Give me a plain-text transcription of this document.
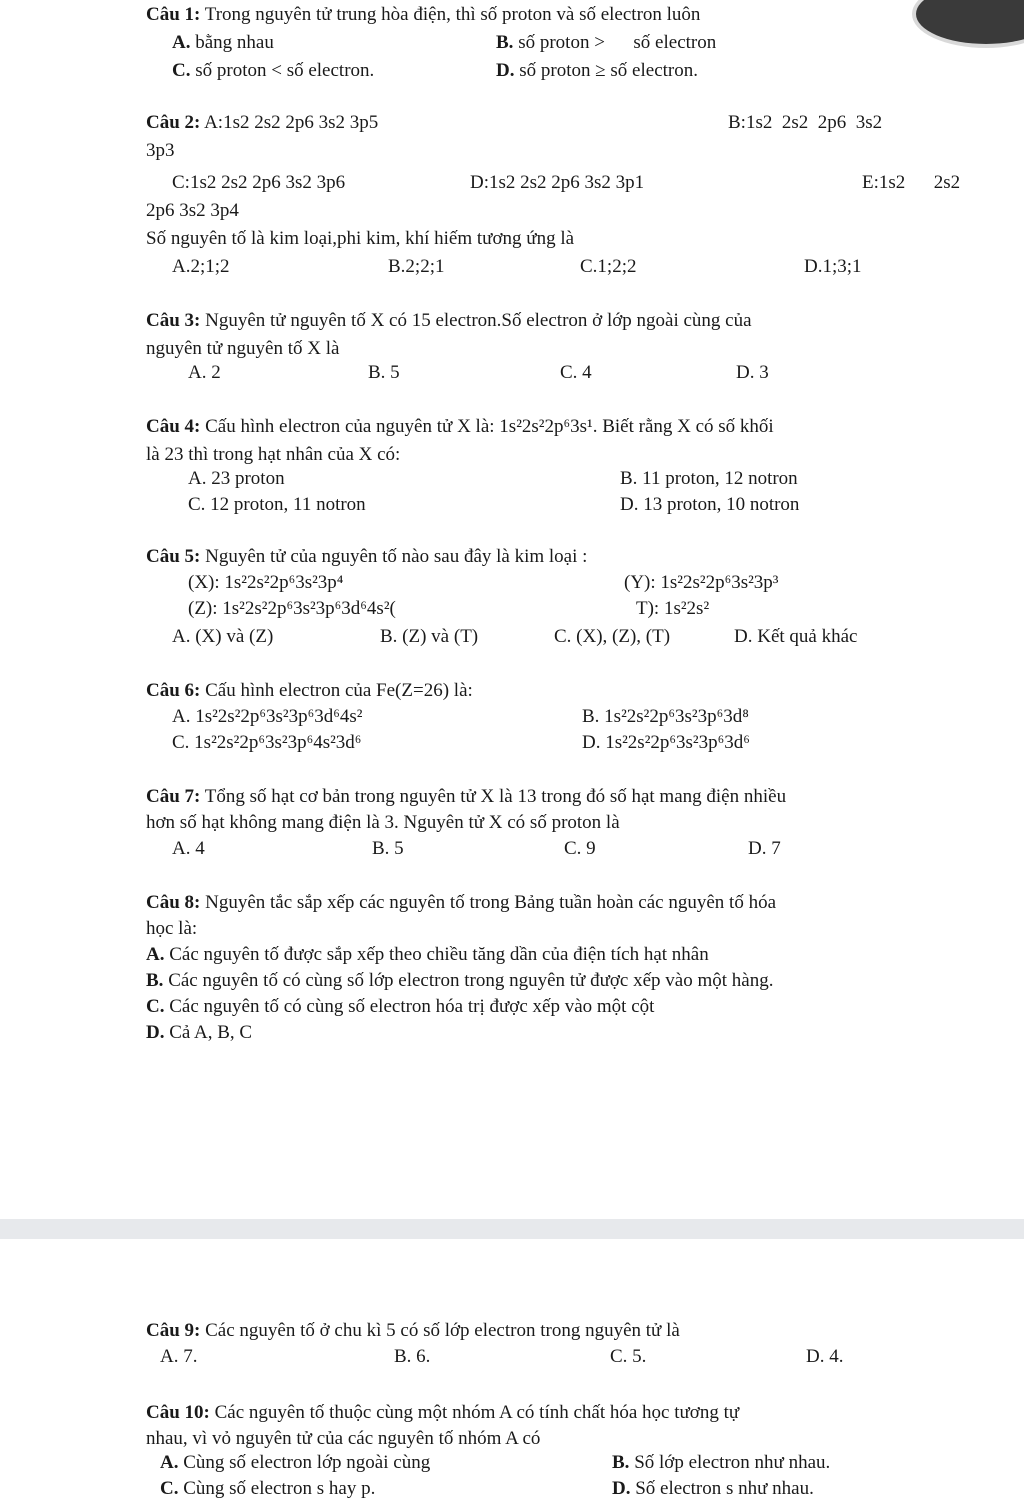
Câu 1: Trong nguyên tử trung hòa điện, thì số proton và số electron luôn
A. bằng nhau	B. số proton >      số electron
C. số proton < số electron.	D. số proton ≥ số electron.
Câu 2: A:1s2 2s2 2p6 3s2 3p5	B:1s2  2s2  2p6  3s2
3p3
C:1s2 2s2 2p6 3s2 3p6	D:1s2 2s2 2p6 3s2 3p1	E:1s2      2s2
2p6 3s2 3p4
Số nguyên tố là kim loại,phi kim, khí hiếm tương ứng là
A.2;1;2	B.2;2;1	C.1;2;2	D.1;3;1
Câu 3: Nguyên tử nguyên tố X có 15 electron.Số electron ở lớp ngoài cùng của
nguyên tử nguyên tố X là
A. 2	B. 5	C. 4	D. 3
Câu 4: Cấu hình electron của nguyên tử X là: 1s²2s²2p⁶3s¹. Biết rằng X có số khối
là 23 thì trong hạt nhân của X có:
A. 23 proton	B. 11 proton, 12 notron
C. 12 proton, 11 notron	D. 13 proton, 10 notron
Câu 5: Nguyên tử của nguyên tố nào sau đây là kim loại :
(X): 1s²2s²2p⁶3s²3p⁴	(Y): 1s²2s²2p⁶3s²3p³
(Z): 1s²2s²2p⁶3s²3p⁶3d⁶4s²(	T): 1s²2s²
A. (X) và (Z)	B. (Z) và (T)	C. (X), (Z), (T)	D. Kết quả khác
Câu 6: Cấu hình electron của Fe(Z=26) là:
A. 1s²2s²2p⁶3s²3p⁶3d⁶4s²	B. 1s²2s²2p⁶3s²3p⁶3d⁸
C. 1s²2s²2p⁶3s²3p⁶4s²3d⁶	D. 1s²2s²2p⁶3s²3p⁶3d⁶
Câu 7: Tổng số hạt cơ bản trong nguyên tử X là 13 trong đó số hạt mang điện nhiều
hơn số hạt không mang điện là 3. Nguyên tử X có số proton là
A. 4	B. 5	C. 9	D. 7
Câu 8: Nguyên tắc sắp xếp các nguyên tố trong Bảng tuần hoàn các nguyên tố hóa
học là:
A. Các nguyên tố được sắp xếp theo chiều tăng dần của điện tích hạt nhân
B. Các nguyên tố có cùng số lớp electron trong nguyên tử được xếp vào một hàng.
C. Các nguyên tố có cùng số electron hóa trị được xếp vào một cột
D. Cả A, B, C
Câu 9: Các nguyên tố ở chu kì 5 có số lớp electron trong nguyên tử là
A. 7.	B. 6.	C. 5.	D. 4.
Câu 10: Các nguyên tố thuộc cùng một nhóm A có tính chất hóa học tương tự
nhau, vì vỏ nguyên tử của các nguyên tố nhóm A có
A. Cùng số electron lớp ngoài cùng	B. Số lớp electron như nhau.
C. Cùng số electron s hay p.	D. Số electron s như nhau.
